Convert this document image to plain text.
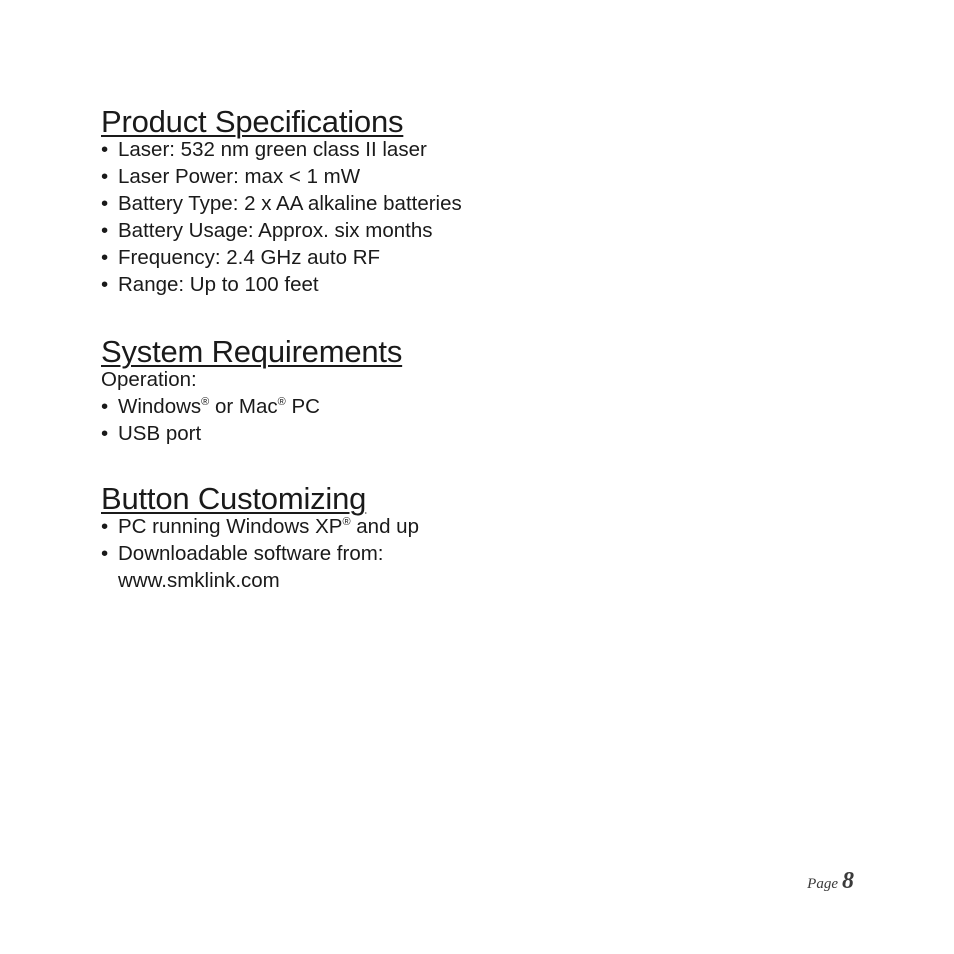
Product Specifications

• Laser: 532 nm green class II laser

• Laser Power: max < 1 mW

• Battery Type: 2 x AA alkaline batteries

• Battery Usage: Approx. six months

• Frequency: 2.4 GHz auto RF

• Range: Up to 100 feet

System Requirements

Operation:

• Windows® or Mac® PC

• USB port

Button Customizing

• PC running Windows XP® and up

• Downloadable software from:

www.smklink.com

Page 8
